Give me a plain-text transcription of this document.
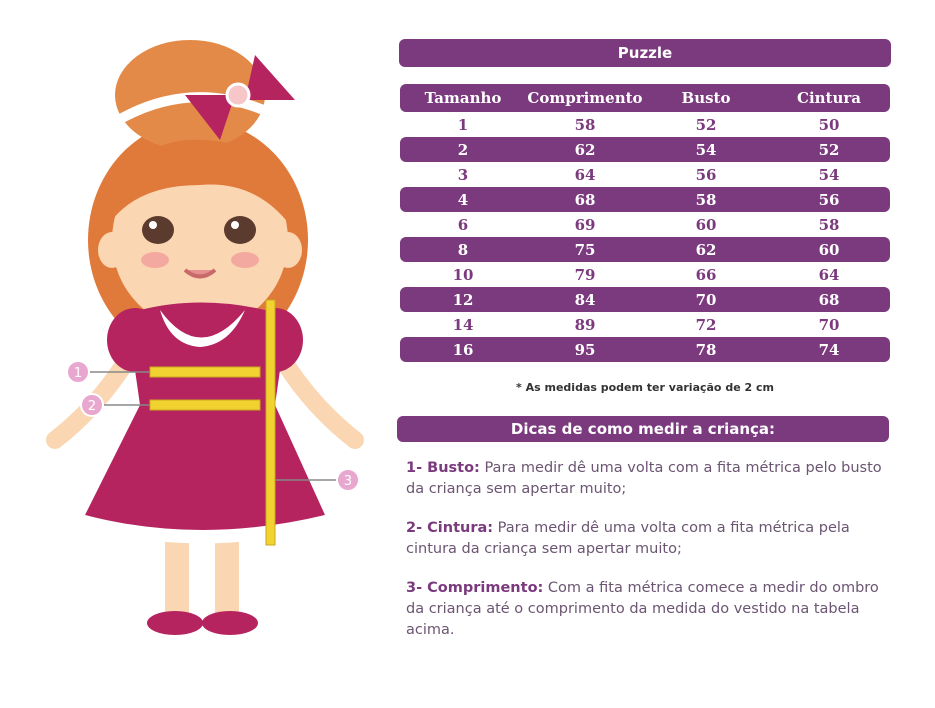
1
2
3
Puzzle
Tamanho	Comprimento	Busto	Cintura
1	58	52	50
2	62	54	52
3	64	56	54
4	68	58	56
6	69	60	58
8	75	62	60
10	79	66	64
12	84	70	68
14	89	72	70
16	95	78	74
* As medidas podem ter variação de 2 cm
Dicas de como medir a criança:

1- Busto: Para medir dê uma volta com a fita métrica pelo busto da criança sem apertar muito;

2- Cintura: Para medir dê uma volta com a fita métrica pela cintura da criança sem apertar muito;

3- Comprimento: Com a fita métrica comece a medir do ombro da criança até o comprimento da medida do vestido na tabela acima.
